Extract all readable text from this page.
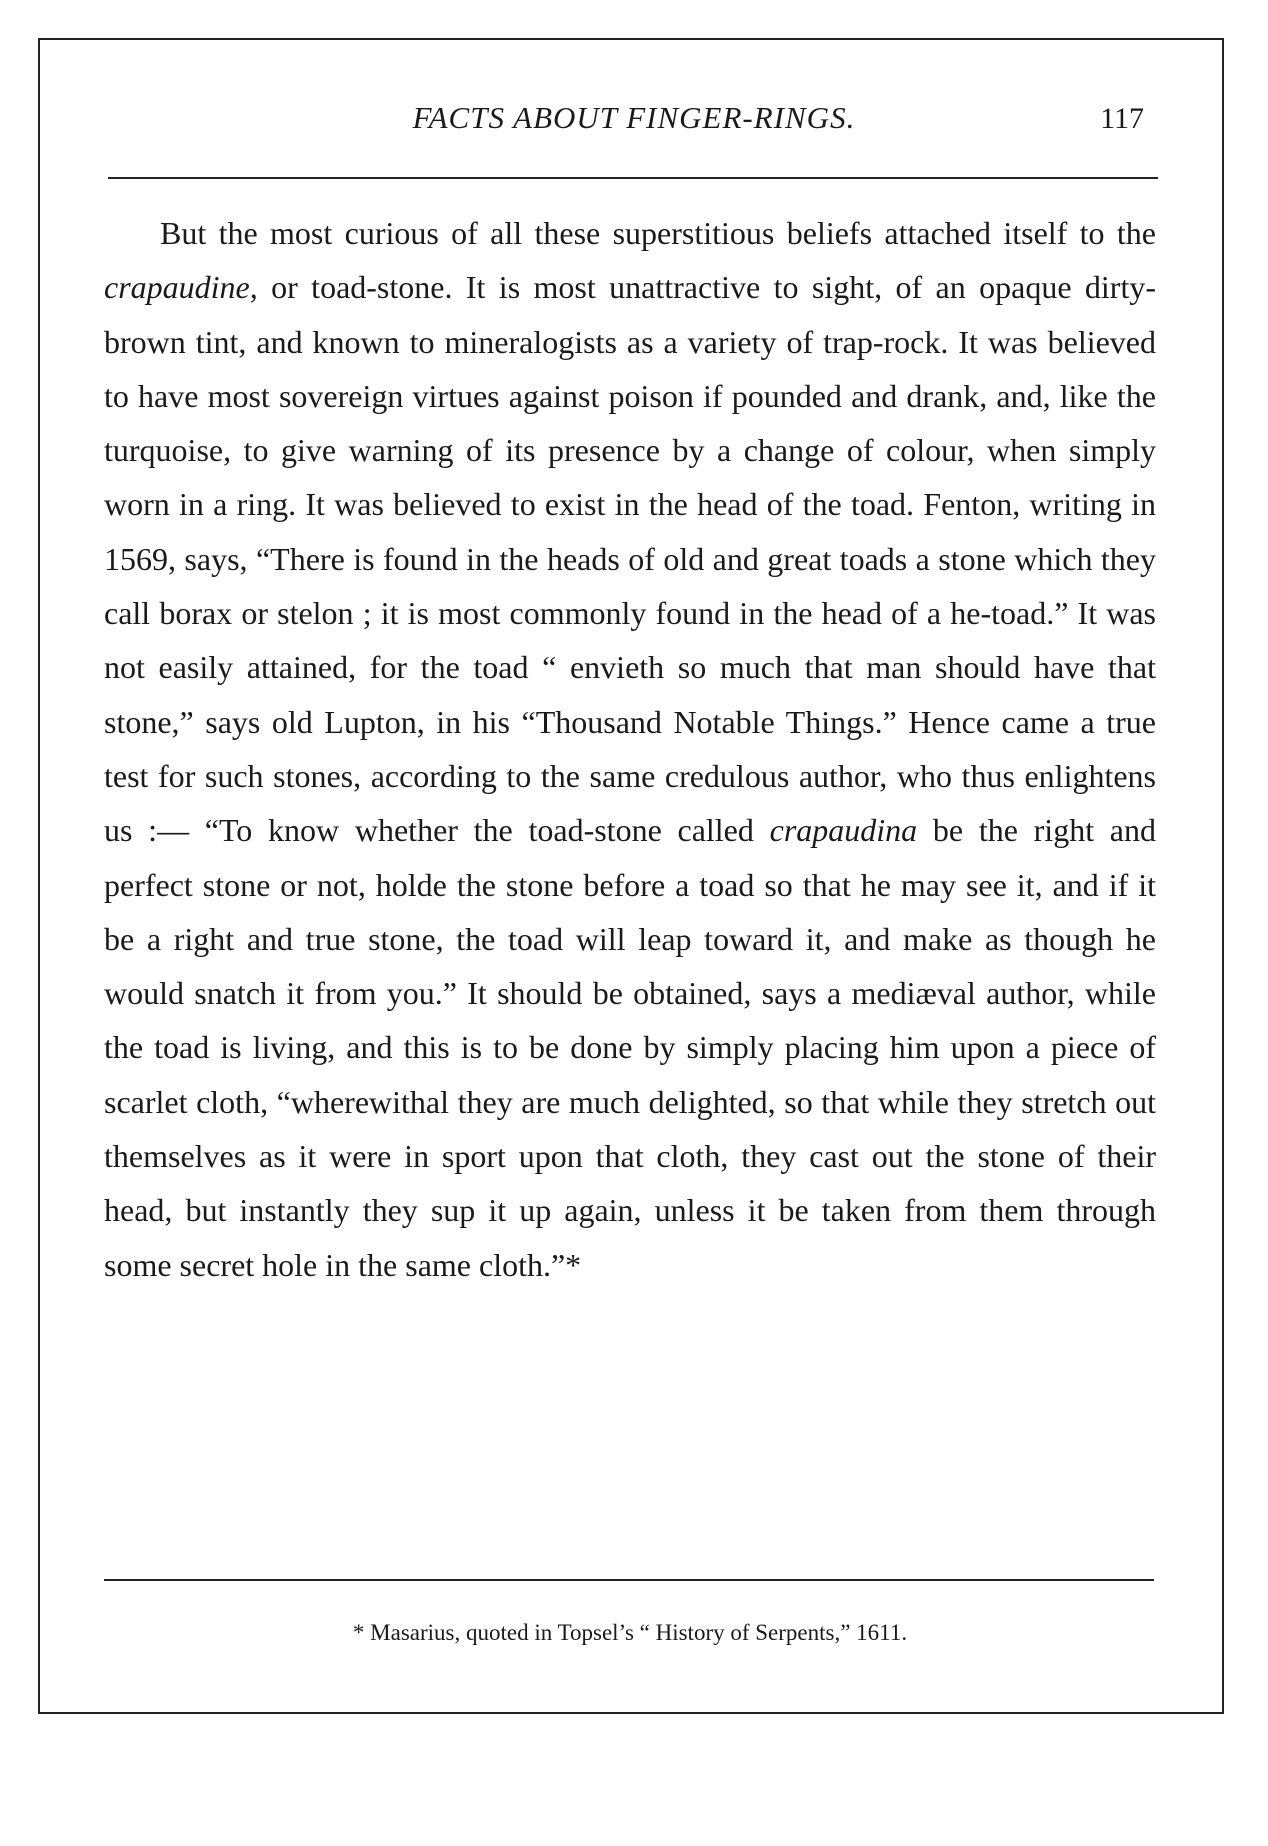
FACTS ABOUT FINGER-RINGS.	117

But the most curious of all these superstitious beliefs attached itself to the crapaudine, or toad-stone. It is most unattractive to sight, of an opaque dirty-brown tint, and known to mineralogists as a variety of trap-rock. It was believed to have most sovereign virtues against poison if pounded and drank, and, like the turquoise, to give warning of its presence by a change of colour, when simply worn in a ring. It was believed to exist in the head of the toad. Fenton, writing in 1569, says, “There is found in the heads of old and great toads a stone which they call borax or stelon ; it is most commonly found in the head of a he-toad.” It was not easily attained, for the toad “ envieth so much that man should have that stone,” says old Lupton, in his “Thousand Notable Things.” Hence came a true test for such stones, according to the same credulous author, who thus enlightens us :— “To know whether the toad-stone called crapaudina be the right and perfect stone or not, holde the stone before a toad so that he may see it, and if it be a right and true stone, the toad will leap toward it, and make as though he would snatch it from you.” It should be obtained, says a mediæval author, while the toad is living, and this is to be done by simply placing him upon a piece of scarlet cloth, “wherewithal they are much delighted, so that while they stretch out themselves as it were in sport upon that cloth, they cast out the stone of their head, but instantly they sup it up again, unless it be taken from them through some secret hole in the same cloth.”*

* Masarius, quoted in Topsel’s “ History of Serpents,” 1611.
